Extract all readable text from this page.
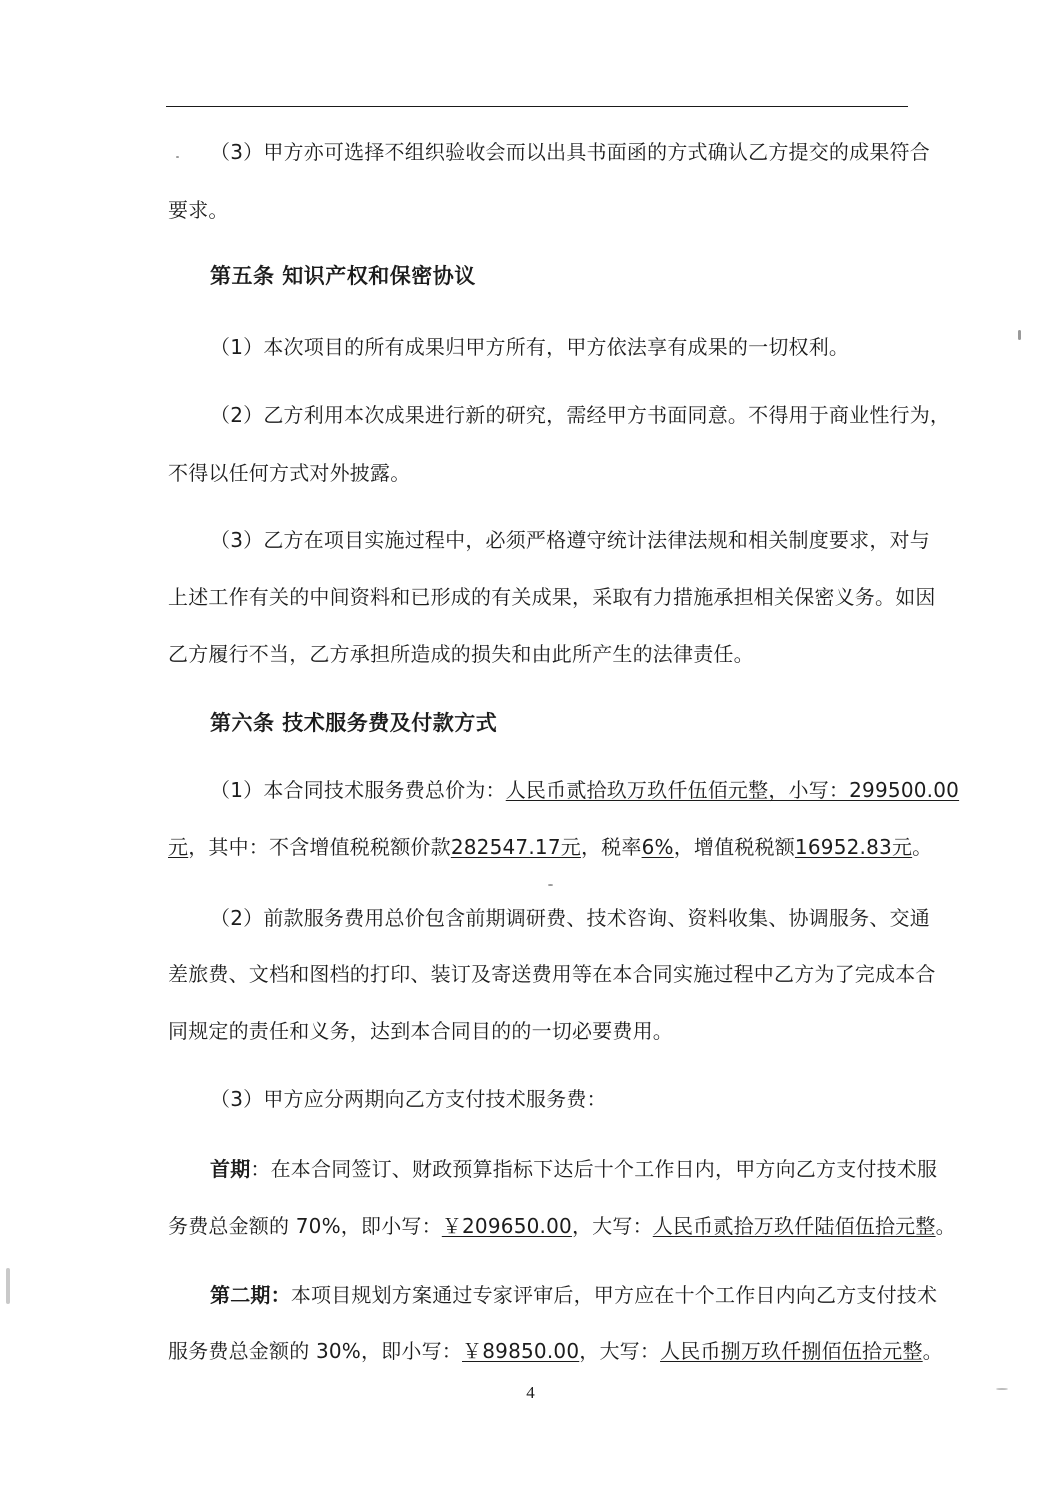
（3）甲方亦可选择不组织验收会而以出具书面函的方式确认乙方提交的成果符合
要求。
第五条 知识产权和保密协议
（1）本次项目的所有成果归甲方所有，甲方依法享有成果的一切权利。
（2）乙方利用本次成果进行新的研究，需经甲方书面同意。不得用于商业性行为，
不得以任何方式对外披露。
（3）乙方在项目实施过程中，必须严格遵守统计法律法规和相关制度要求，对与
上述工作有关的中间资料和已形成的有关成果，采取有力措施承担相关保密义务。如因
乙方履行不当，乙方承担所造成的损失和由此所产生的法律责任。
第六条 技术服务费及付款方式
（1）本合同技术服务费总价为：人民币贰拾玖万玖仟伍佰元整，小写：299500.00
元，其中：不含增值税税额价款282547.17元，税率6%，增值税税额16952.83元。
（2）前款服务费用总价包含前期调研费、技术咨询、资料收集、协调服务、交通
差旅费、文档和图档的打印、装订及寄送费用等在本合同实施过程中乙方为了完成本合
同规定的责任和义务，达到本合同目的的一切必要费用。
（3）甲方应分两期向乙方支付技术服务费：
首期：在本合同签订、财政预算指标下达后十个工作日内，甲方向乙方支付技术服
务费总金额的 70%，即小写：￥209650.00，大写：人民币贰拾万玖仟陆佰伍拾元整。
第二期：本项目规划方案通过专家评审后，甲方应在十个工作日内向乙方支付技术
服务费总金额的 30%，即小写：￥89850.00，大写：人民币捌万玖仟捌佰伍拾元整。
4
